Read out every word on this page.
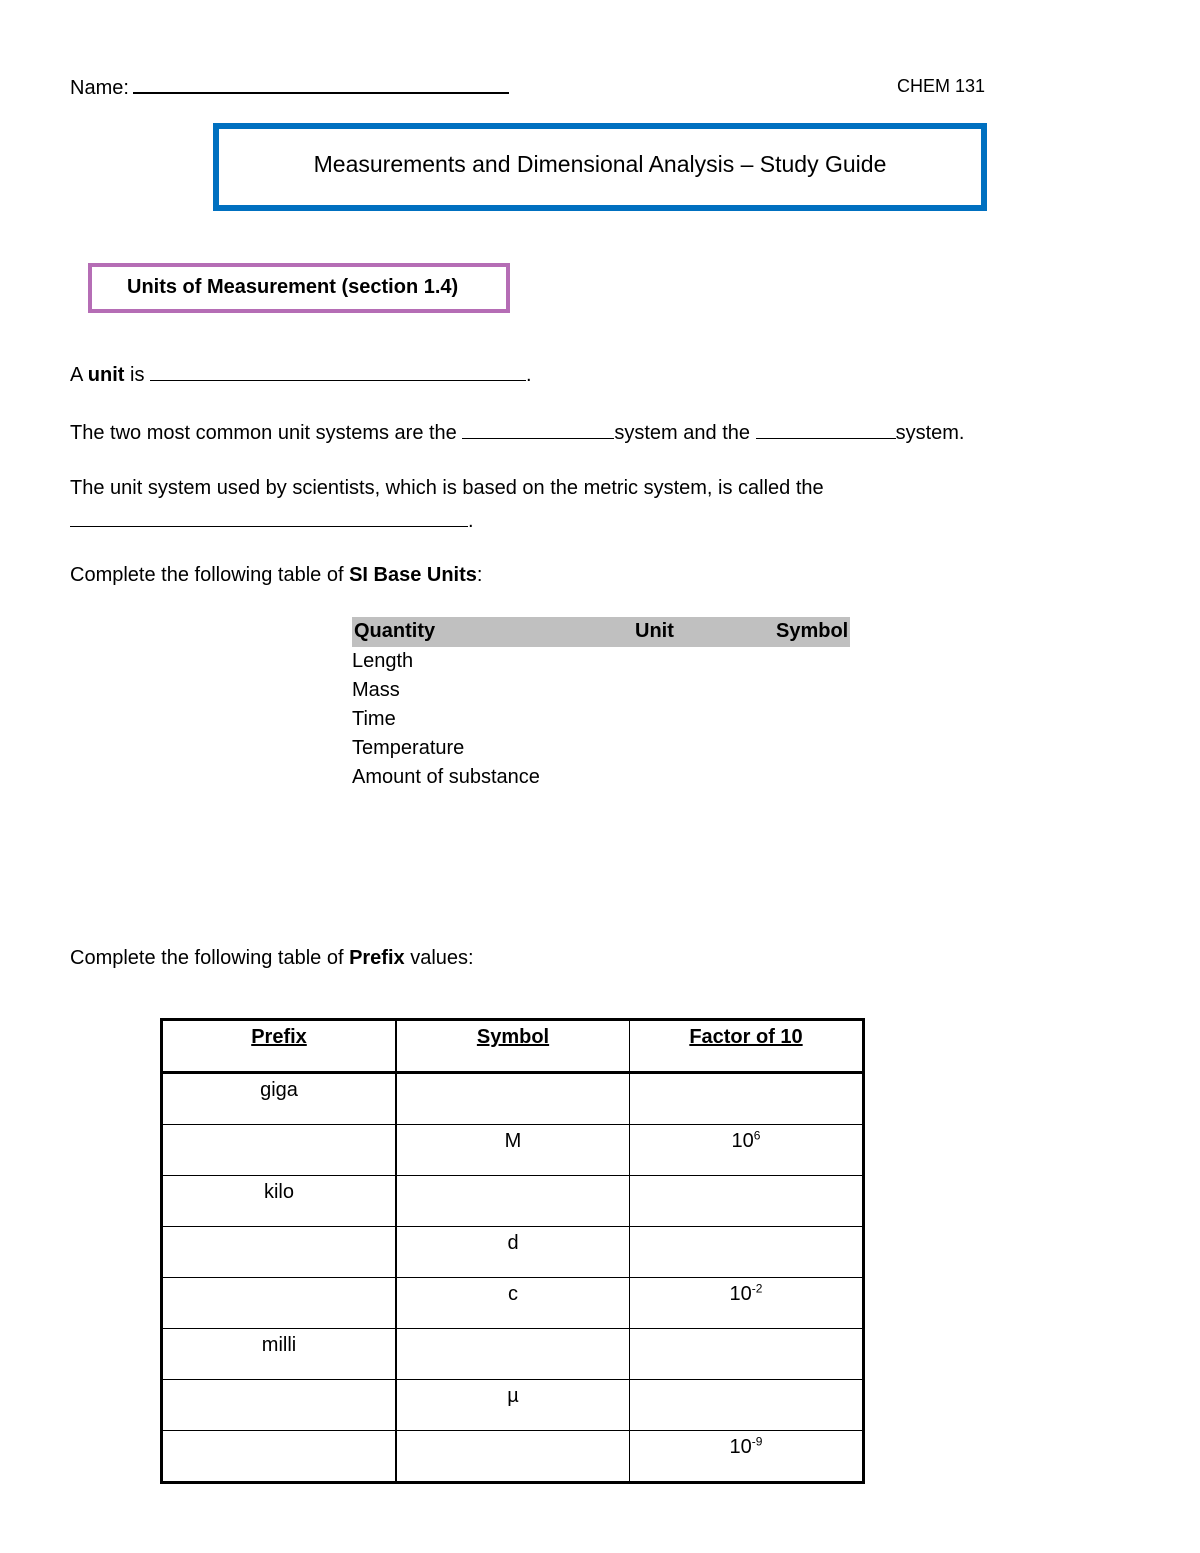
Name:	CHEM 131
Measurements and Dimensional Analysis – Study Guide
Units of Measurement (section 1.4)
A unit is	.
The two most common unit systems are the	system and the	system.
The unit system used by scientists, which is based on the metric system, is called the
.
Complete the following table of SI Base Units:
Quantity	Unit	Symbol
Length
Mass
Time
Temperature
Amount of substance
Complete the following table of Prefix values:
Prefix	Symbol	Factor of 10
giga		
	M	$10^6$
kilo		
	d	
	c	$10^{-2}$
milli		
	µ	
		$10^{-9}$
